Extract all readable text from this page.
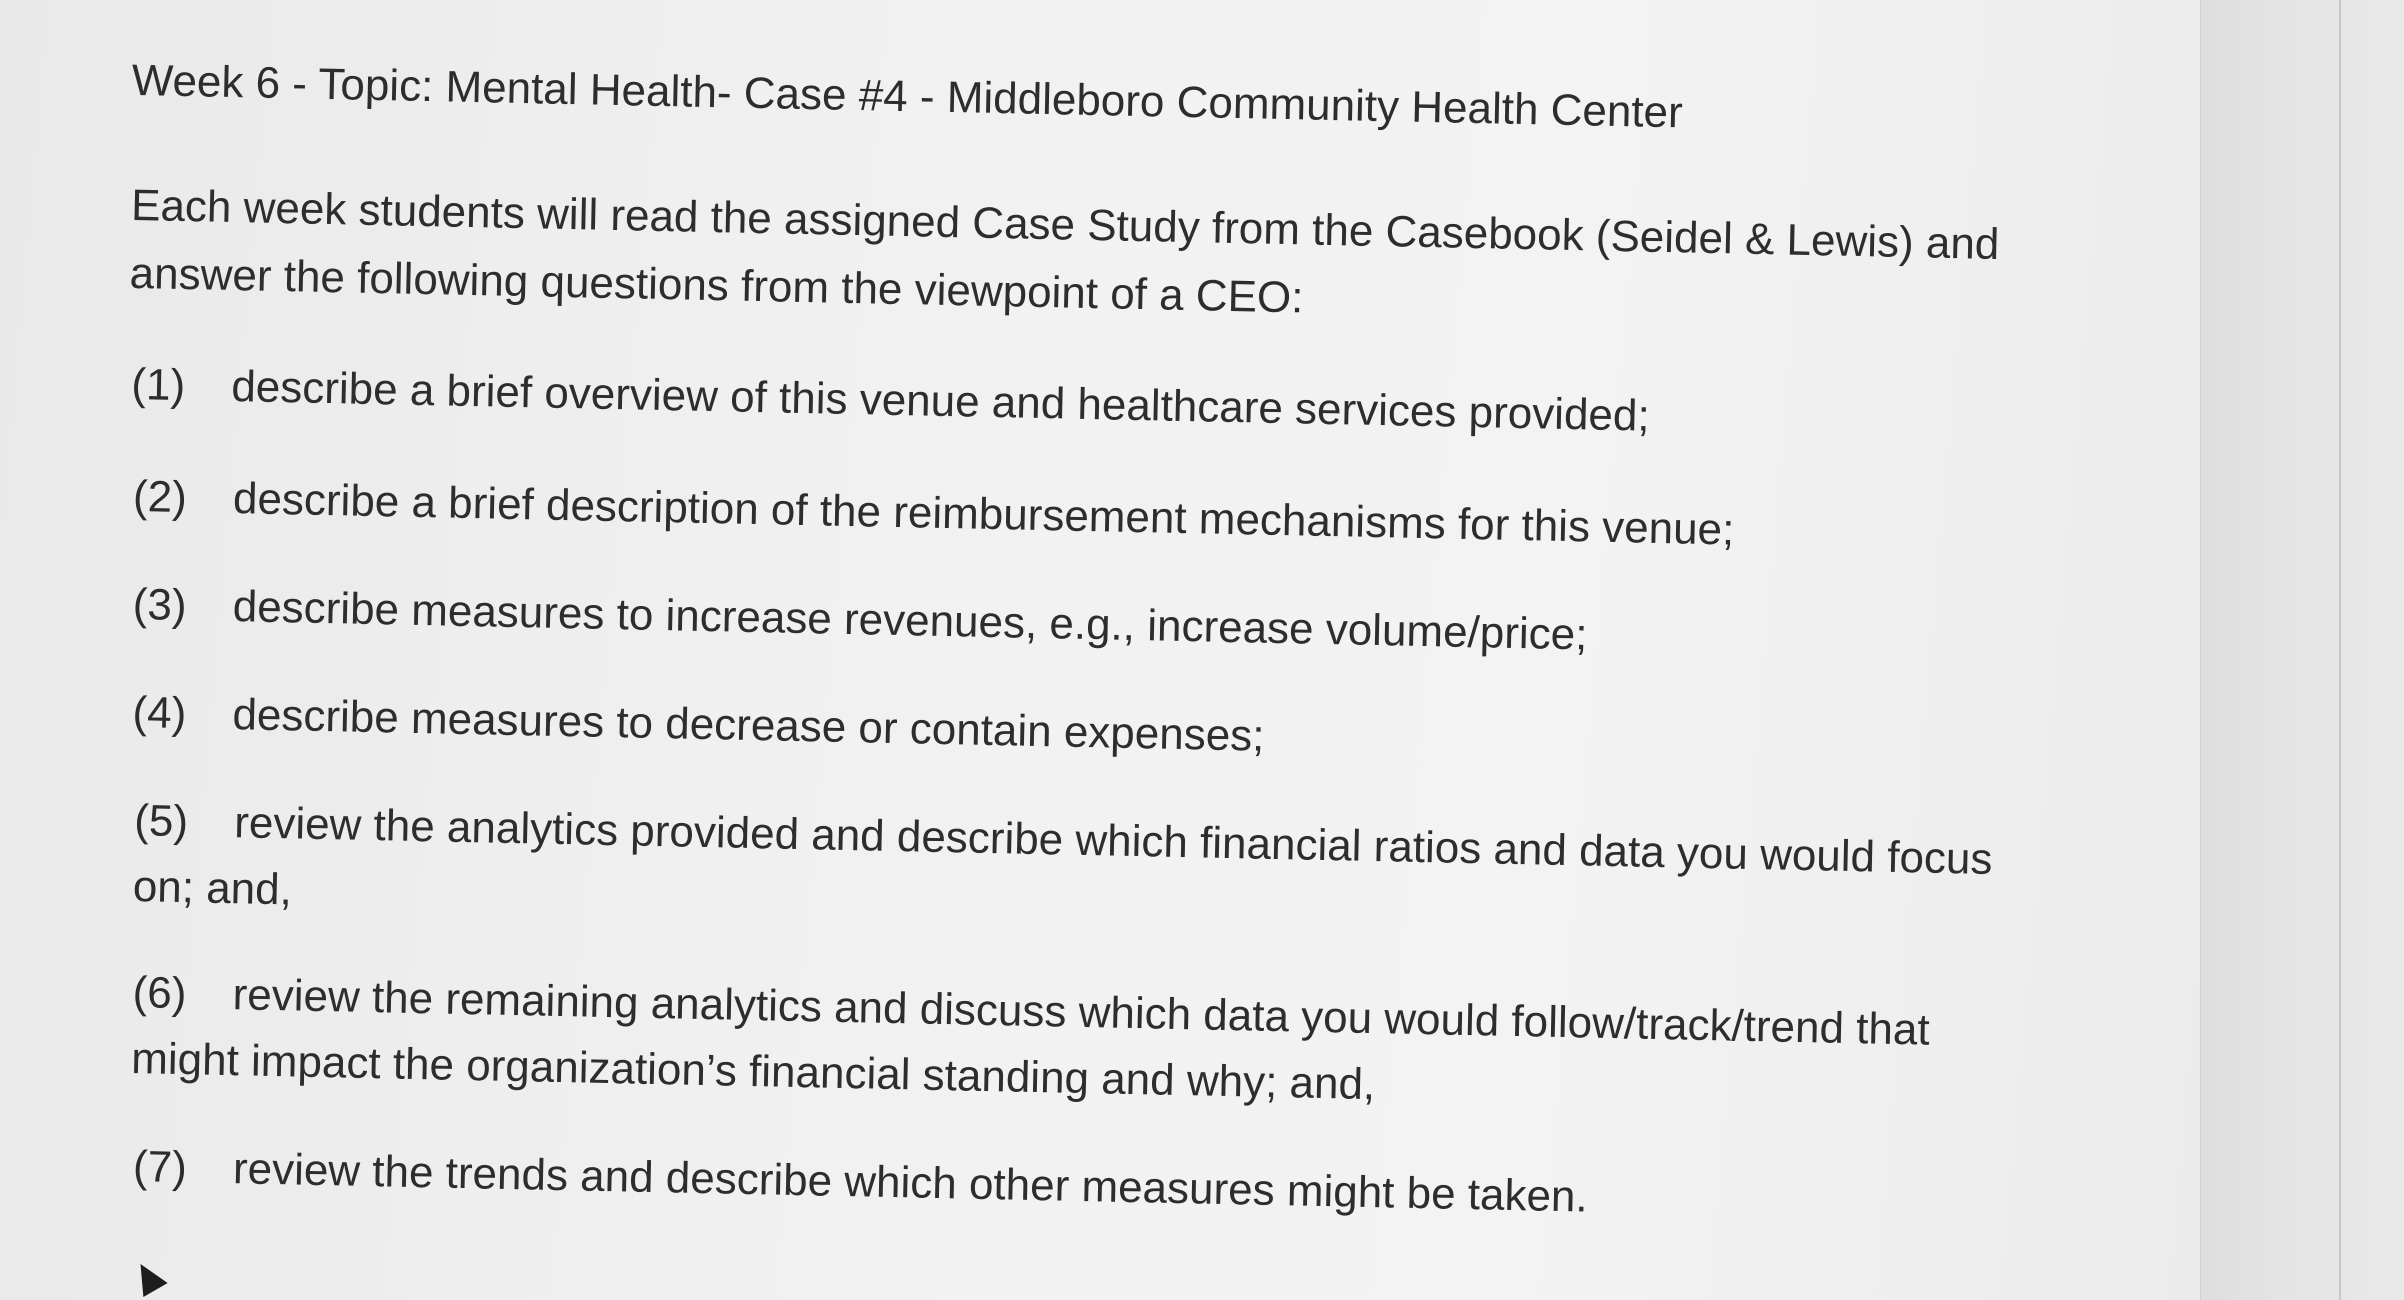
Week 6 - Topic: Mental Health- Case #4 - Middleboro Community Health Center
Each week students will read the assigned Case Study from the Casebook (Seidel & Lewis) and answer the following questions from the viewpoint of a CEO:
(1) describe a brief overview of this venue and healthcare services provided;
(2) describe a brief description of the reimbursement mechanisms for this venue;
(3) describe measures to increase revenues, e.g., increase volume/price;
(4) describe measures to decrease or contain expenses;
(5) review the analytics provided and describe which financial ratios and data you would focus on; and,
(6) review the remaining analytics and discuss which data you would follow/track/trend that might impact the organization’s financial standing and why; and,
(7) review the trends and describe which other measures might be taken.
